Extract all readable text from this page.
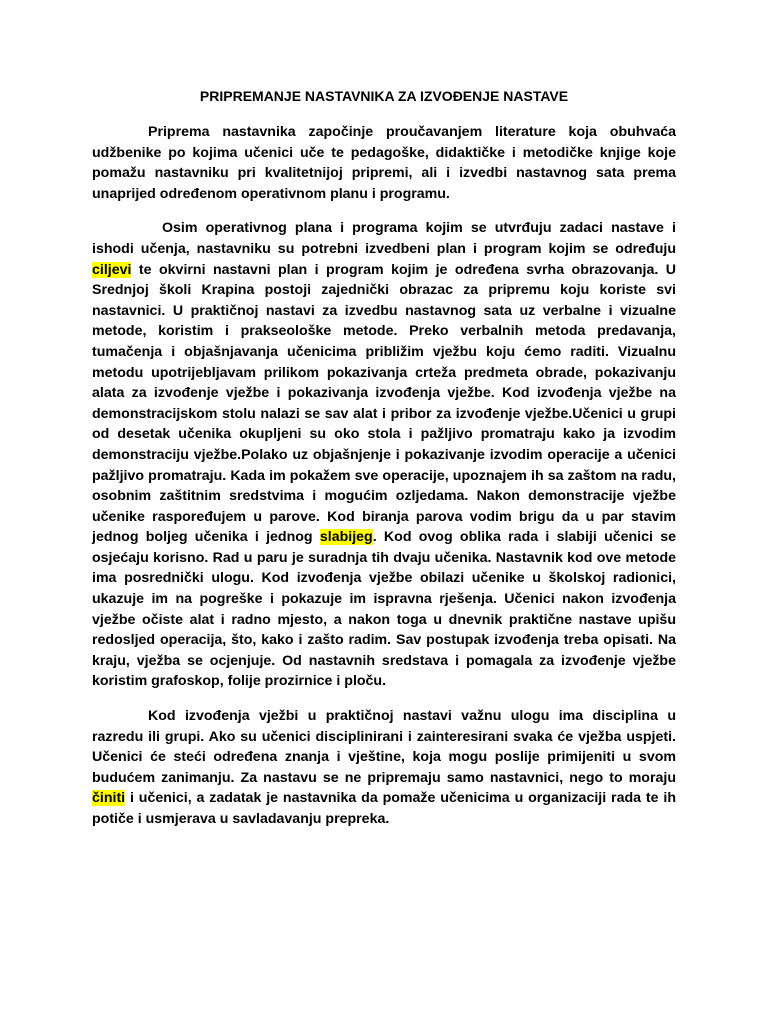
PRIPREMANJE NASTAVNIKA ZA IZVOĐENJE NASTAVE

Priprema nastavnika započinje proučavanjem literature koja obuhvaća udžbenike po kojima učenici uče te pedagoške, didaktičke i metodičke knjige koje pomažu nastavniku pri kvalitetnijoj pripremi, ali i izvedbi nastavnog sata prema unaprijed određenom operativnom planu i programu.

Osim operativnog plana i programa kojim se utvrđuju zadaci nastave i ishodi učenja, nastavniku su potrebni izvedbeni plan i program kojim se određuju ciljevi te okvirni nastavni plan i program kojim je određena svrha obrazovanja. U Srednjoj školi Krapina postoji zajednički obrazac za pripremu koju koriste svi nastavnici. U praktičnoj nastavi za izvedbu nastavnog sata uz verbalne i vizualne metode, koristim i prakseološke metode. Preko verbalnih metoda predavanja, tumačenja i objašnjavanja učenicima približim vježbu koju ćemo raditi. Vizualnu metodu upotrijebljavam prilikom pokazivanja crteža predmeta obrade, pokazivanju alata za izvođenje vježbe i pokazivanja izvođenja vježbe. Kod izvođenja vježbe na demonstracijskom stolu nalazi se sav alat i pribor za izvođenje vježbe.Učenici u grupi od desetak učenika okupljeni su oko stola i pažljivo promatraju kako ja izvodim demonstraciju vježbe.Polako uz objašnjenje i pokazivanje izvodim operacije a učenici pažljivo promatraju. Kada im pokažem sve operacije, upoznajem ih sa zaštom na radu, osobnim zaštitnim sredstvima i mogućim ozljedama. Nakon demonstracije vježbe učenike raspoređujem u parove. Kod biranja parova vodim brigu da u par stavim jednog boljeg učenika i jednog slabijeg. Kod ovog oblika rada i slabiji učenici se osjećaju korisno. Rad u paru je suradnja tih dvaju učenika. Nastavnik kod ove metode ima posrednički ulogu. Kod izvođenja vježbe obilazi učenike u školskoj radionici, ukazuje im na pogreške i pokazuje im ispravna rješenja. Učenici nakon izvođenja vježbe očiste alat i radno mjesto, a nakon toga u dnevnik praktične nastave upišu redosljed operacija, što, kako i zašto radim. Sav postupak izvođenja treba opisati. Na kraju, vježba se ocjenjuje. Od nastavnih sredstava i pomagala za izvođenje vježbe koristim grafoskop, folije prozirnice i ploču.

Kod izvođenja vježbi u praktičnoj nastavi važnu ulogu ima disciplina u razredu ili grupi. Ako su učenici disciplinirani i zainteresirani svaka će vježba uspjeti. Učenici će steći određena znanja i vještine, koja mogu poslije primijeniti u svom budućem zanimanju. Za nastavu se ne pripremaju samo nastavnici, nego to moraju činiti i učenici, a zadatak je nastavnika da pomaže učenicima u organizaciji rada te ih potiče i usmjerava u savladavanju prepreka.
